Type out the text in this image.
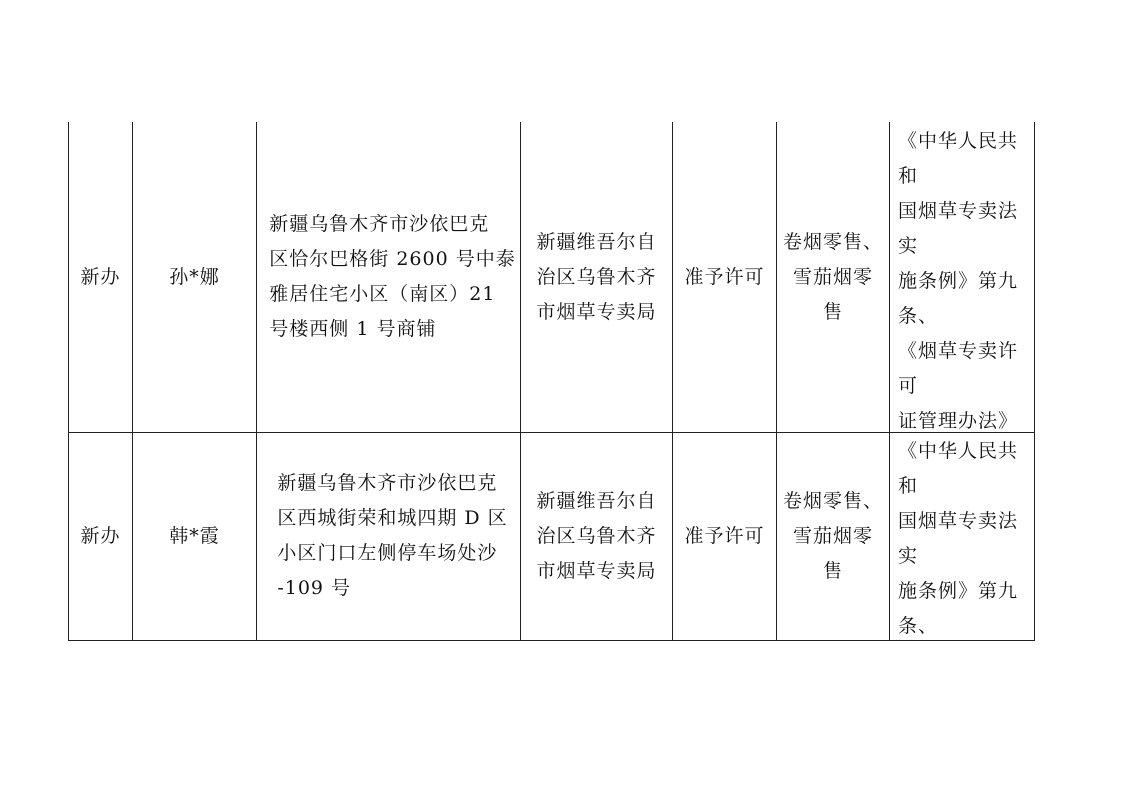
新办	孙*娜
新疆乌鲁木齐市沙依巴克
区恰尔巴格街 2600 号中泰
雅居住宅小区（南区）21
号楼西侧 1 号商铺
新疆维吾尔自
治区乌鲁木齐
市烟草专卖局
准予许可
卷烟零售、
雪茄烟零
售
《中华人民共和
国烟草专卖法实
施条例》第九条、
《烟草专卖许可
证管理办法》
新办	韩*霞
新疆乌鲁木齐市沙依巴克
区西城街荣和城四期 D 区
小区门口左侧停车场处沙
-109 号
新疆维吾尔自
治区乌鲁木齐
市烟草专卖局
准予许可
卷烟零售、
雪茄烟零
售
《中华人民共和
国烟草专卖法实
施条例》第九条、
